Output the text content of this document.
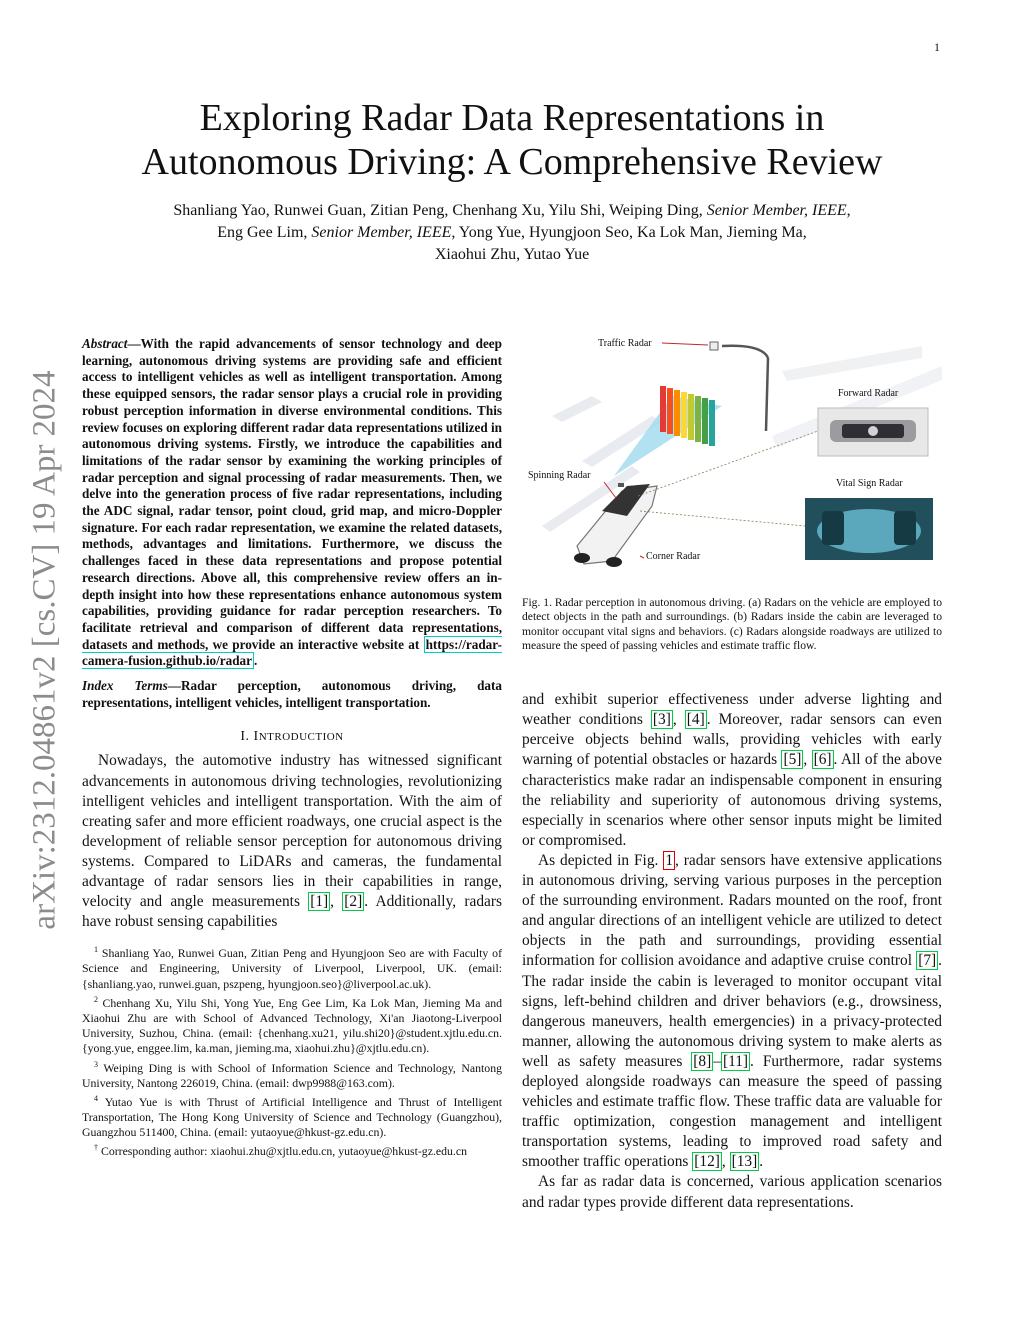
1
arXiv:2312.04861v2 [cs.CV] 19 Apr 2024
Exploring Radar Data Representations in
Autonomous Driving: A Comprehensive Review
Shanliang Yao, Runwei Guan, Zitian Peng, Chenhang Xu, Yilu Shi, Weiping Ding, Senior Member, IEEE,
Eng Gee Lim, Senior Member, IEEE, Yong Yue, Hyungjoon Seo, Ka Lok Man, Jieming Ma,
Xiaohui Zhu, Yutao Yue

Abstract—With the rapid advancements of sensor technology and deep learning, autonomous driving systems are providing safe and efficient access to intelligent vehicles as well as intelligent transportation. Among these equipped sensors, the radar sensor plays a crucial role in providing robust perception information in diverse environmental conditions. This review focuses on exploring different radar data representations utilized in autonomous driving systems. Firstly, we introduce the capabilities and limitations of the radar sensor by examining the working principles of radar perception and signal processing of radar measurements. Then, we delve into the generation process of five radar representations, including the ADC signal, radar tensor, point cloud, grid map, and micro-Doppler signature. For each radar representation, we examine the related datasets, methods, advantages and limitations. Furthermore, we discuss the challenges faced in these data representations and propose potential research directions. Above all, this comprehensive review offers an in-depth insight into how these representations enhance autonomous system capabilities, providing guidance for radar perception researchers. To facilitate retrieval and comparison of different data representations, datasets and methods, we provide an interactive website at https://radar-camera-fusion.github.io/radar .

Index Terms—Radar perception, autonomous driving, data representations, intelligent vehicles, intelligent transportation.

I. INTRODUCTION

Nowadays, the automotive industry has witnessed significant advancements in autonomous driving technologies, revolutionizing intelligent vehicles and intelligent transportation. With the aim of creating safer and more efficient roadways, one crucial aspect is the development of reliable sensor perception for autonomous driving systems. Compared to LiDARs and cameras, the fundamental advantage of radar sensors lies in their capabilities in range, velocity and angle measurements [1] , [2] . Additionally, radars have robust sensing capabilities

$^1$ Shanliang Yao, Runwei Guan, Zitian Peng and Hyungjoon Seo are with Faculty of Science and Engineering, University of Liverpool, Liverpool, UK. (email: {shanliang.yao, runwei.guan, pszpeng, hyungjoon.seo}@liverpool.ac.uk).

$^2$ Chenhang Xu, Yilu Shi, Yong Yue, Eng Gee Lim, Ka Lok Man, Jieming Ma and Xiaohui Zhu are with School of Advanced Technology, Xi'an Jiaotong-Liverpool University, Suzhou, China. (email: {chenhang.xu21, yilu.shi20}@student.xjtlu.edu.cn. {yong.yue, enggee.lim, ka.man, jieming.ma, xiaohui.zhu}@xjtlu.edu.cn).

$^3$ Weiping Ding is with School of Information Science and Technology, Nantong University, Nantong 226019, China. (email: dwp9988@163.com).

$^4$ Yutao Yue is with Thrust of Artificial Intelligence and Thrust of Intelligent Transportation, The Hong Kong University of Science and Technology (Guangzhou), Guangzhou 511400, China. (email: yutaoyue@hkust-gz.edu.cn).

† Corresponding author: xiaohui.zhu@xjtlu.edu.cn, yutaoyue@hkust-gz.edu.cn

Traffic Radar
Forward Radar
Spinning Radar
Vital Sign Radar
Corner Radar

Fig. 1. Radar perception in autonomous driving. (a) Radars on the vehicle are employed to detect objects in the path and surroundings. (b) Radars inside the cabin are leveraged to monitor occupant vital signs and behaviors. (c) Radars alongside roadways are utilized to measure the speed of passing vehicles and estimate traffic flow.

and exhibit superior effectiveness under adverse lighting and weather conditions [3] , [4] . Moreover, radar sensors can even perceive objects behind walls, providing vehicles with early warning of potential obstacles or hazards [5] , [6] . All of the above characteristics make radar an indispensable component in ensuring the reliability and superiority of autonomous driving systems, especially in scenarios where other sensor inputs might be limited or compromised.

As depicted in Fig. 1 , radar sensors have extensive applications in autonomous driving, serving various purposes in the perception of the surrounding environment. Radars mounted on the roof, front and angular directions of an intelligent vehicle are utilized to detect objects in the path and surroundings, providing essential information for collision avoidance and adaptive cruise control [7] . The radar inside the cabin is leveraged to monitor occupant vital signs, left-behind children and driver behaviors (e.g., drowsiness, dangerous maneuvers, health emergencies) in a privacy-protected manner, allowing the autonomous driving system to make alerts as well as safety measures [8] – [11] . Furthermore, radar systems deployed alongside roadways can measure the speed of passing vehicles and estimate traffic flow. These traffic data are valuable for traffic optimization, congestion management and intelligent transportation systems, leading to improved road safety and smoother traffic operations [12] , [13] .

As far as radar data is concerned, various application scenarios and radar types provide different data representations.
